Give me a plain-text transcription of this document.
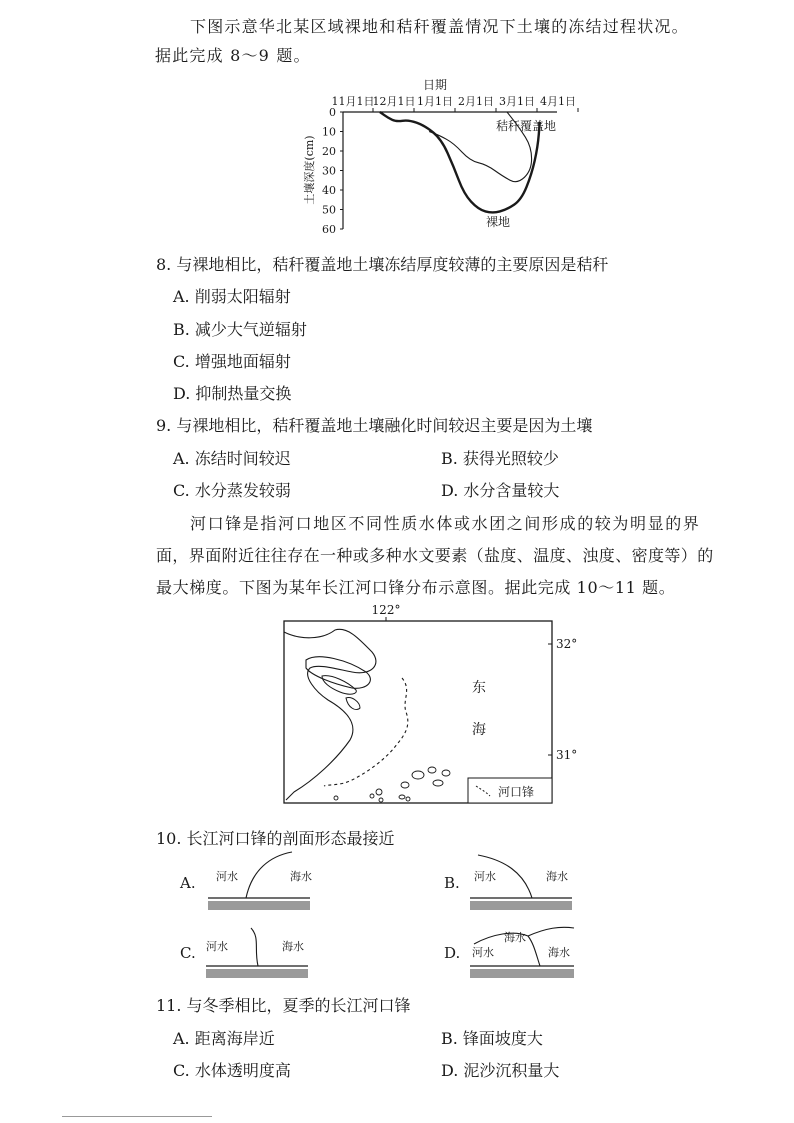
下图示意华北某区域裸地和秸秆覆盖情况下土壤的冻结过程状况。
据此完成 8～9 题。
日期
11月1日
12月1日 1月1日 2月1日 3月1日 4月1日
0
10
20
30
40
50
60
土壤深度(cm)
秸秆覆盖地
裸地
8. 与裸地相比，秸秆覆盖地土壤冻结厚度较薄的主要原因是秸秆
A. 削弱太阳辐射
B. 减少大气逆辐射
C. 增强地面辐射
D. 抑制热量交换
9. 与裸地相比，秸秆覆盖地土壤融化时间较迟主要是因为土壤
A. 冻结时间较迟	B. 获得光照较少
C. 水分蒸发较弱	D. 水分含量较大
河口锋是指河口地区不同性质水体或水团之间形成的较为明显的界
面，界面附近往往存在一种或多种水文要素（盐度、温度、浊度、密度等）的
最大梯度。下图为某年长江河口锋分布示意图。据此完成 10～11 题。
122°
32°
31°
东
海
河口锋
10. 长江河口锋的剖面形态最接近
A. 河水	海水	B. 河水	海水
C. 河水	海水	D.
海水
河水	海水
11. 与冬季相比，夏季的长江河口锋
A. 距离海岸近	B. 锋面坡度大
C. 水体透明度高	D. 泥沙沉积量大
